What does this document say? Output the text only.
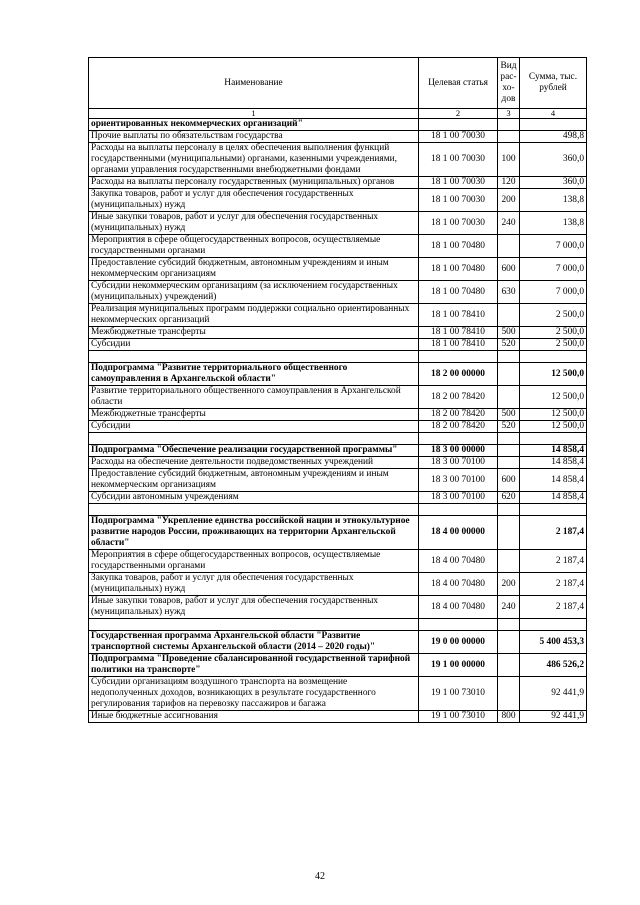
Наименование	Целевая статья	Вид рас-хо-дов	Сумма, тыс. рублей
1	2	3	4
ориентированных некоммерческих организаций"			
Прочие выплаты по обязательствам государства	18 1 00 70030		498,8
Расходы на выплаты персоналу в целях обеспечения выполнения функций государственными (муниципальными) органами, казенными учреждениями, органами управления государственными внебюджетными фондами	18 1 00 70030	100	360,0
Расходы на выплаты персоналу государственных (муниципальных) органов	18 1 00 70030	120	360,0
Закупка товаров, работ и услуг для обеспечения государственных (муниципальных) нужд	18 1 00 70030	200	138,8
Иные закупки товаров, работ и услуг для обеспечения государственных (муниципальных) нужд	18 1 00 70030	240	138,8
Мероприятия в сфере общегосударственных вопросов, осуществляемые государственными органами	18 1 00 70480		7 000,0
Предоставление субсидий бюджетным, автономным учреждениям и иным некоммерческим организациям	18 1 00 70480	600	7 000,0
Субсидии некоммерческим организациям (за исключением государственных (муниципальных) учреждений)	18 1 00 70480	630	7 000,0
Реализация муниципальных программ поддержки социально ориентированных некоммерческих организаций	18 1 00 78410		2 500,0
Межбюджетные трансферты	18 1 00 78410	500	2 500,0
Субсидии	18 1 00 78410	520	2 500,0

Подпрограмма "Развитие территориального общественного самоуправления в Архангельской области"	18 2 00 00000		12 500,0
Развитие территориального общественного самоуправления в Архангельской области	18 2 00 78420		12 500,0
Межбюджетные трансферты	18 2 00 78420	500	12 500,0
Субсидии	18 2 00 78420	520	12 500,0

Подпрограмма "Обеспечение реализации государственной программы"	18 3 00 00000		14 858,4
Расходы на обеспечение деятельности подведомственных учреждений	18 3 00 70100		14 858,4
Предоставление субсидий бюджетным, автономным учреждениям и иным некоммерческим организациям	18 3 00 70100	600	14 858,4
Субсидии автономным учреждениям	18 3 00 70100	620	14 858,4

Подпрограмма "Укрепление единства российской нации и этнокультурное развитие народов России, проживающих на территории Архангельской области"	18 4 00 00000		2 187,4
Мероприятия в сфере общегосударственных вопросов, осуществляемые государственными органами	18 4 00 70480		2 187,4
Закупка товаров, работ и услуг для обеспечения государственных (муниципальных) нужд	18 4 00 70480	200	2 187,4
Иные закупки товаров, работ и услуг для обеспечения государственных (муниципальных) нужд	18 4 00 70480	240	2 187,4

Государственная программа Архангельской области "Развитие транспортной системы Архангельской области (2014 – 2020 годы)"	19 0 00 00000		5 400 453,3
Подпрограмма "Проведение сбалансированной государственной тарифной политики на транспорте"	19 1 00 00000		486 526,2
Субсидии организациям воздушного транспорта на возмещение недополученных доходов, возникающих в результате государственного регулирования тарифов на перевозку пассажиров и багажа	19 1 00 73010		92 441,9
Иные бюджетные ассигнования	19 1 00 73010	800	92 441,9
42
